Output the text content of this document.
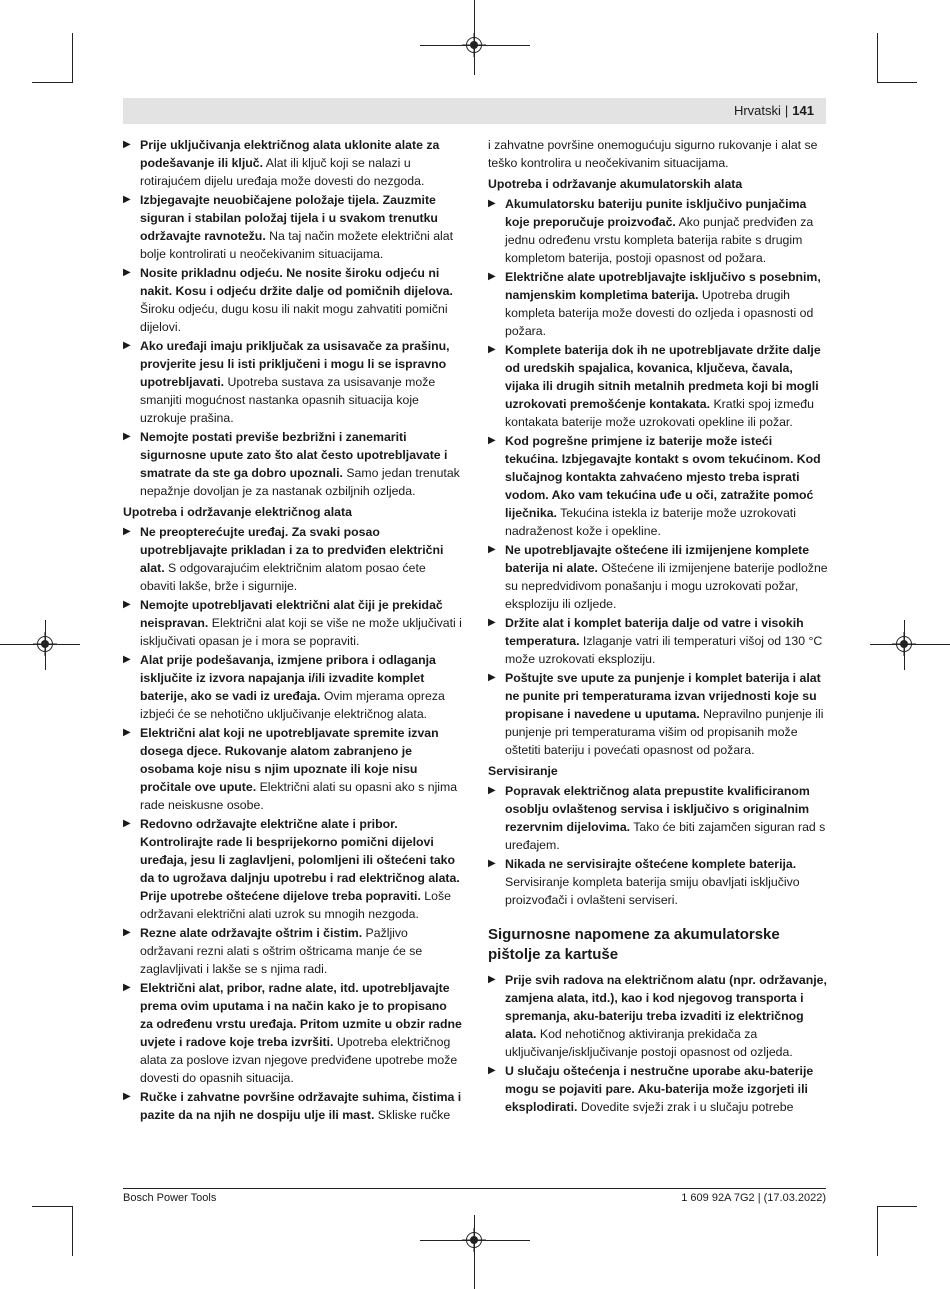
Hrvatski | 141
▶ Prije uključivanja električnog alata uklonite alate za podešavanje ili ključ. Alat ili ključ koji se nalazi u rotirajućem dijelu uređaja može dovesti do nezgoda.
▶ Izbjegavajte neuobičajene položaje tijela. Zauzmite siguran i stabilan položaj tijela i u svakom trenutku održavajte ravnotežu. Na taj način možete električni alat bolje kontrolirati u neočekivanim situacijama.
▶ Nosite prikladnu odjeću. Ne nosite široku odjeću ni nakit. Kosu i odjeću držite dalje od pomičnih dijelova. Široku odjeću, dugu kosu ili nakit mogu zahvatiti pomični dijelovi.
▶ Ako uređaji imaju priključak za usisavače za prašinu, provjerite jesu li isti priključeni i mogu li se ispravno upotrebljavati. Upotreba sustava za usisavanje može smanjiti mogućnost nastanka opasnih situacija koje uzrokuje prašina.
▶ Nemojte postati previše bezbrižni i zanemariti sigurnosne upute zato što alat često upotrebljavate i smatrate da ste ga dobro upoznali. Samo jedan trenutak nepažnje dovoljan je za nastanak ozbiljnih ozljeda.
Upotreba i održavanje električnog alata
▶ Ne preopterećujte uređaj. Za svaki posao upotrebljavajte prikladan i za to predviđen električni alat. S odgovarajućim električnim alatom posao ćete obaviti lakše, brže i sigurnije.
▶ Nemojte upotrebljavati električni alat čiji je prekidač neispravan. Električni alat koji se više ne može uključivati i isključivati opasan je i mora se popraviti.
▶ Alat prije podešavanja, izmjene pribora i odlaganja isključite iz izvora napajanja i/ili izvadite komplet baterije, ako se vadi iz uređaja. Ovim mjerama opreza izbjeći će se nehotično uključivanje električnog alata.
▶ Električni alat koji ne upotrebljavate spremite izvan dosega djece. Rukovanje alatom zabranjeno je osobama koje nisu s njim upoznate ili koje nisu pročitale ove upute. Električni alati su opasni ako s njima rade neiskusne osobe.
▶ Redovno održavajte električne alate i pribor. Kontrolirajte rade li besprijekorno pomični dijelovi uređaja, jesu li zaglavljeni, polomljeni ili oštećeni tako da to ugrožava daljnju upotrebu i rad električnog alata. Prije upotrebe oštećene dijelove treba popraviti. Loše održavani električni alati uzrok su mnogih nezgoda.
▶ Rezne alate održavajte oštrim i čistim. Pažljivo održavani rezni alati s oštrim oštricama manje će se zaglavljivati i lakše se s njima radi.
▶ Električni alat, pribor, radne alate, itd. upotrebljavajte prema ovim uputama i na način kako je to propisano za određenu vrstu uređaja. Pritom uzmite u obzir radne uvjete i radove koje treba izvršiti. Upotreba električnog alata za poslove izvan njegove predviđene upotrebe može dovesti do opasnih situacija.
▶ Ručke i zahvatne površine održavajte suhima, čistima i pazite da na njih ne dospiju ulje ili mast. Skliske ručke
i zahvatne površine onemogućuju sigurno rukovanje i alat se teško kontrolira u neočekivanim situacijama.
Upotreba i održavanje akumulatorskih alata
▶ Akumulatorsku bateriju punite isključivo punjačima koje preporučuje proizvođač. Ako punjač predviđen za jednu određenu vrstu kompleta baterija rabite s drugim kompletom baterija, postoji opasnost od požara.
▶ Električne alate upotrebljavajte isključivo s posebnim, namjenskim kompletima baterija. Upotreba drugih kompleta baterija može dovesti do ozljeda i opasnosti od požara.
▶ Komplete baterija dok ih ne upotrebljavate držite dalje od uredskih spajalica, kovanica, ključeva, čavala, vijaka ili drugih sitnih metalnih predmeta koji bi mogli uzrokovati premošćenje kontakata. Kratki spoj između kontakata baterije može uzrokovati opekline ili požar.
▶ Kod pogrešne primjene iz baterije može isteći tekućina. Izbjegavajte kontakt s ovom tekućinom. Kod slučajnog kontakta zahvaćeno mjesto treba isprati vodom. Ako vam tekućina uđe u oči, zatražite pomoć liječnika. Tekućina istekla iz baterije može uzrokovati nadraženost kože i opekline.
▶ Ne upotrebljavajte oštećene ili izmijenjene komplete baterija ni alate. Oštećene ili izmijenjene baterije podložne su nepredvidivom ponašanju i mogu uzrokovati požar, eksploziju ili ozljede.
▶ Držite alat i komplet baterija dalje od vatre i visokih temperatura. Izlaganje vatri ili temperaturi višoj od 130 °C može uzrokovati eksploziju.
▶ Poštujte sve upute za punjenje i komplet baterija i alat ne punite pri temperaturama izvan vrijednosti koje su propisane i navedene u uputama. Nepravilno punjenje ili punjenje pri temperaturama višim od propisanih može oštetiti bateriju i povećati opasnost od požara.
Servisiranje
▶ Popravak električnog alata prepustite kvalificiranom osoblju ovlaštenog servisa i isključivo s originalnim rezervnim dijelovima. Tako će biti zajamčen siguran rad s uređajem.
▶ Nikada ne servisirajte oštećene komplete baterija. Servisiranje kompleta baterija smiju obavljati isključivo proizvođači i ovlašteni serviseri.
Sigurnosne napomene za akumulatorske pištolje za kartuše
▶ Prije svih radova na električnom alatu (npr. održavanje, zamjena alata, itd.), kao i kod njegovog transporta i spremanja, aku-bateriju treba izvaditi iz električnog alata. Kod nehotičnog aktiviranja prekidača za uključivanje/isključivanje postoji opasnost od ozljeda.
▶ U slučaju oštećenja i nestručne uporabe aku-baterije mogu se pojaviti pare. Aku-baterija može izgorjeti ili eksplodirati. Dovedite svježi zrak i u slučaju potrebe
Bosch Power Tools	1 609 92A 7G2 | (17.03.2022)
